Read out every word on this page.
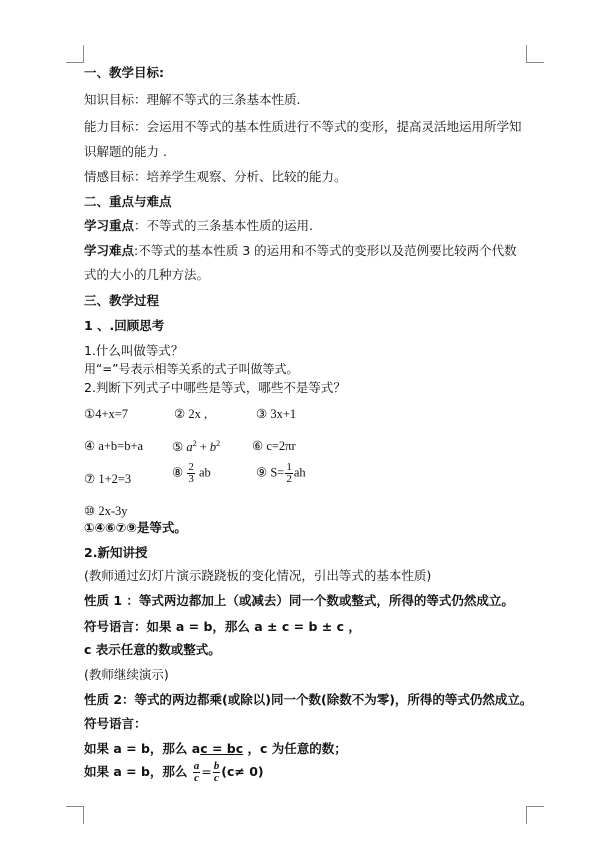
一、教学目标:
知识目标：理解不等式的三条基本性质.
能力目标：会运用不等式的基本性质进行不等式的变形，提高灵活地运用所学知
识解题的能力 .
情感目标：培养学生观察、分析、比较的能力。
二、重点与难点
学习重点：不等式的三条基本性质的运用.
学习难点:不等式的基本性质 3 的运用和不等式的变形以及范例要比较两个代数
式的大小的几种方法。
三、教学过程
1 、.回顾思考
1.什么叫做等式？
用“=”号表示相等关系的式子叫做等式。
2.判断下列式子中哪些是等式，哪些不是等式？
①4+x=7	② 2x ,	③ 3x+1
④ a+b=b+a ⑤ $a^2 + b^2$	⑥ c=2πr
⑦ 1+2=3	⑧ $\frac{2}{3}$ ab	⑨ $S= \frac{1}{2}$ ah
⑩ 2x-3y
①④⑥⑦⑨是等式。
2.新知讲授
(教师通过幻灯片演示跷跷板的变化情况，引出等式的基本性质)
性质 1 ：等式两边都加上（或减去）同一个数或整式，所得的等式仍然成立。
符号语言：如果 a = b，那么 a ± c = b ± c ，
c 表示任意的数或整式。
(教师继续演示)
性质 2：等式的两边都乘(或除以)同一个数(除数不为零)，所得的等式仍然成立。
符号语言：
如果 a = b，那么 ac = bc ，c 为任意的数；
如果 a = b，那么 $\frac{a}{c} = \frac{b}{c} (c\ne 0)$
